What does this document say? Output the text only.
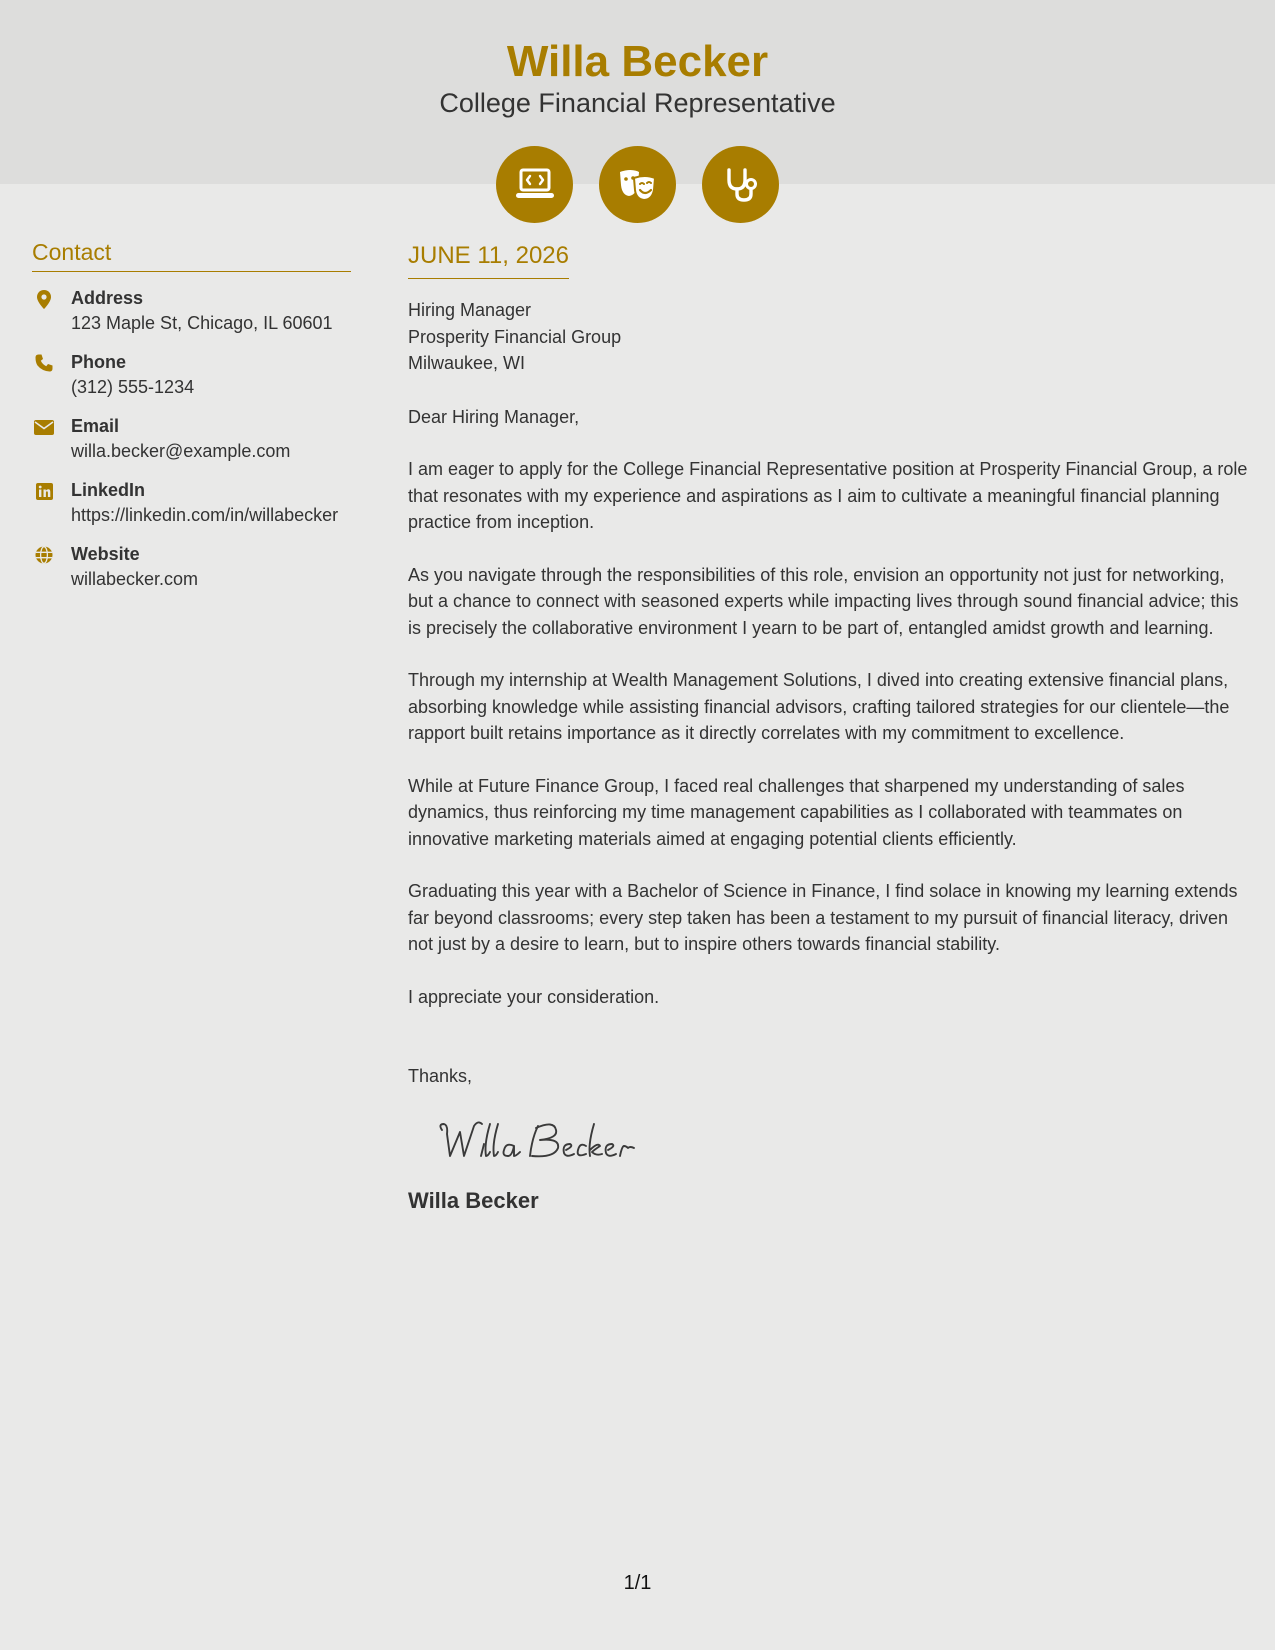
Willa Becker
College Financial Representative
Contact
Address
123 Maple St, Chicago, IL 60601
Phone
(312) 555-1234
Email
willa.becker@example.com
LinkedIn
https://linkedin.com/in/willabecker
Website
willabecker.com
JUNE 11, 2026
Hiring Manager
Prosperity Financial Group
Milwaukee, WI
Dear Hiring Manager,
I am eager to apply for the College Financial Representative position at Prosperity Financial Group, a role that resonates with my experience and aspirations as I aim to cultivate a meaningful financial planning practice from inception.
As you navigate through the responsibilities of this role, envision an opportunity not just for networking, but a chance to connect with seasoned experts while impacting lives through sound financial advice; this is precisely the collaborative environment I yearn to be part of, entangled amidst growth and learning.
Through my internship at Wealth Management Solutions, I dived into creating extensive financial plans, absorbing knowledge while assisting financial advisors, crafting tailored strategies for our clientele—the rapport built retains importance as it directly correlates with my commitment to excellence.
While at Future Finance Group, I faced real challenges that sharpened my understanding of sales dynamics, thus reinforcing my time management capabilities as I collaborated with teammates on innovative marketing materials aimed at engaging potential clients efficiently.
Graduating this year with a Bachelor of Science in Finance, I find solace in knowing my learning extends far beyond classrooms; every step taken has been a testament to my pursuit of financial literacy, driven not just by a desire to learn, but to inspire others towards financial stability.
I appreciate your consideration.
Thanks,
Willa Becker
1/1
